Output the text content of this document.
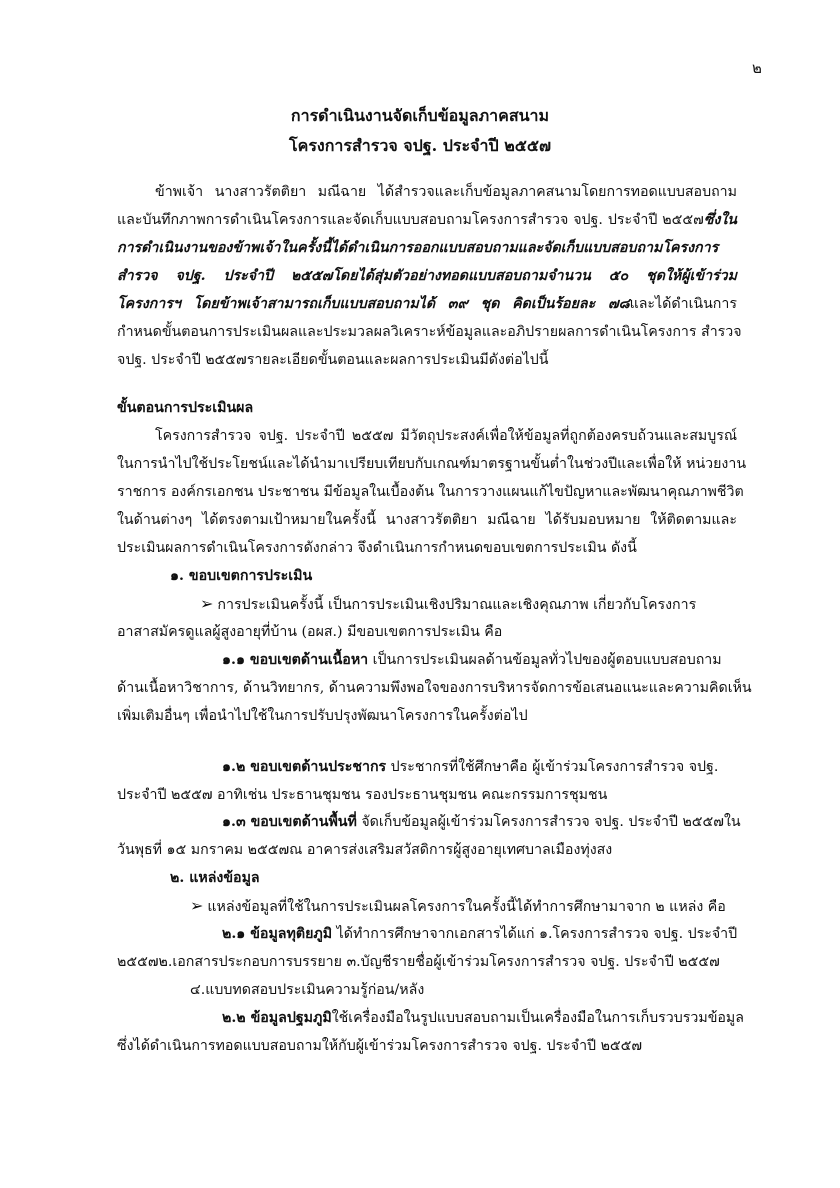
๒
การดำเนินงานจัดเก็บข้อมูลภาคสนาม
โครงการสำรวจ จปฐ. ประจำปี ๒๕๕๗
ข้าพเจ้า นางสาวรัตติยา มณีฉาย ได้สำรวจและเก็บข้อมูลภาคสนามโดยการทอดแบบสอบถาม
และบันทึกภาพการดำเนินโครงการและจัดเก็บแบบสอบถามโครงการสำรวจ จปฐ. ประจำปี ๒๕๕๗ซึ่งใน
การดำเนินงานของข้าพเจ้าในครั้งนี้ได้ดำเนินการออกแบบสอบถามและจัดเก็บแบบสอบถามโครงการ
สำรวจ จปฐ. ประจำปี ๒๕๕๗โดยได้สุ่มตัวอย่างทอดแบบสอบถามจำนวน ๕๐ ชุดให้ผู้เข้าร่วม
โครงการฯ โดยข้าพเจ้าสามารถเก็บแบบสอบถามได้ ๓๙ ชุด คิดเป็นร้อยละ ๗๘และได้ดำเนินการ
กำหนดขั้นตอนการประเมินผลและประมวลผลวิเคราะห์ข้อมูลและอภิปรายผลการดำเนินโครงการ สำรวจ
จปฐ. ประจำปี ๒๕๕๗รายละเอียดขั้นตอนและผลการประเมินมีดังต่อไปนี้
ขั้นตอนการประเมินผล
โครงการสำรวจ จปฐ. ประจำปี ๒๕๕๗ มีวัตถุประสงค์เพื่อให้ข้อมูลที่ถูกต้องครบถ้วนและสมบูรณ์
ในการนำไปใช้ประโยชน์และได้นำมาเปรียบเทียบกับเกณฑ์มาตรฐานขั้นต่ำในช่วงปีและเพื่อให้ หน่วยงาน
ราชการ องค์กรเอกชน ประชาชน มีข้อมูลในเบื้องต้น ในการวางแผนแก้ไขปัญหาและพัฒนาคุณภาพชีวิต
ในด้านต่างๆ ได้ตรงตามเป้าหมายในครั้งนี้ นางสาวรัตติยา มณีฉาย ได้รับมอบหมาย ให้ติดตามและ
ประเมินผลการดำเนินโครงการดังกล่าว จึงดำเนินการกำหนดขอบเขตการประเมิน ดังนี้
๑. ขอบเขตการประเมิน
➢ การประเมินครั้งนี้ เป็นการประเมินเชิงปริมาณและเชิงคุณภาพ เกี่ยวกับโครงการ
อาสาสมัครดูแลผู้สูงอายุที่บ้าน (อผส.) มีขอบเขตการประเมิน คือ
๑.๑ ขอบเขตด้านเนื้อหา เป็นการประเมินผลด้านข้อมูลทั่วไปของผู้ตอบแบบสอบถาม
ด้านเนื้อหาวิชาการ, ด้านวิทยากร, ด้านความพึงพอใจของการบริหารจัดการข้อเสนอแนะและความคิดเห็น
เพิ่มเติมอื่นๆ เพื่อนำไปใช้ในการปรับปรุงพัฒนาโครงการในครั้งต่อไป
๑.๒ ขอบเขตด้านประชากร ประชากรที่ใช้ศึกษาคือ ผู้เข้าร่วมโครงการสำรวจ จปฐ.
ประจำปี ๒๕๕๗ อาทิเช่น ประธานชุมชน รองประธานชุมชน คณะกรรมการชุมชน
๑.๓ ขอบเขตด้านพื้นที่ จัดเก็บข้อมูลผู้เข้าร่วมโครงการสำรวจ จปฐ. ประจำปี ๒๕๕๗ใน
วันพุธที่ ๑๕ มกราคม ๒๕๕๗ณ อาคารส่งเสริมสวัสดิการผู้สูงอายุเทศบาลเมืองทุ่งสง
๒. แหล่งข้อมูล
➢ แหล่งข้อมูลที่ใช้ในการประเมินผลโครงการในครั้งนี้ได้ทำการศึกษามาจาก ๒ แหล่ง คือ
๒.๑ ข้อมูลทุติยภูมิ ได้ทำการศึกษาจากเอกสารได้แก่ ๑.โครงการสำรวจ จปฐ. ประจำปี
๒๕๕๗๒.เอกสารประกอบการบรรยาย ๓.บัญชีรายชื่อผู้เข้าร่วมโครงการสำรวจ จปฐ. ประจำปี ๒๕๕๗
๔.แบบทดสอบประเมินความรู้ก่อน/หลัง
๒.๒ ข้อมูลปฐมภูมิใช้เครื่องมือในรูปแบบสอบถามเป็นเครื่องมือในการเก็บรวบรวมข้อมูล
ซึ่งได้ดำเนินการทอดแบบสอบถามให้กับผู้เข้าร่วมโครงการสำรวจ จปฐ. ประจำปี ๒๕๕๗
